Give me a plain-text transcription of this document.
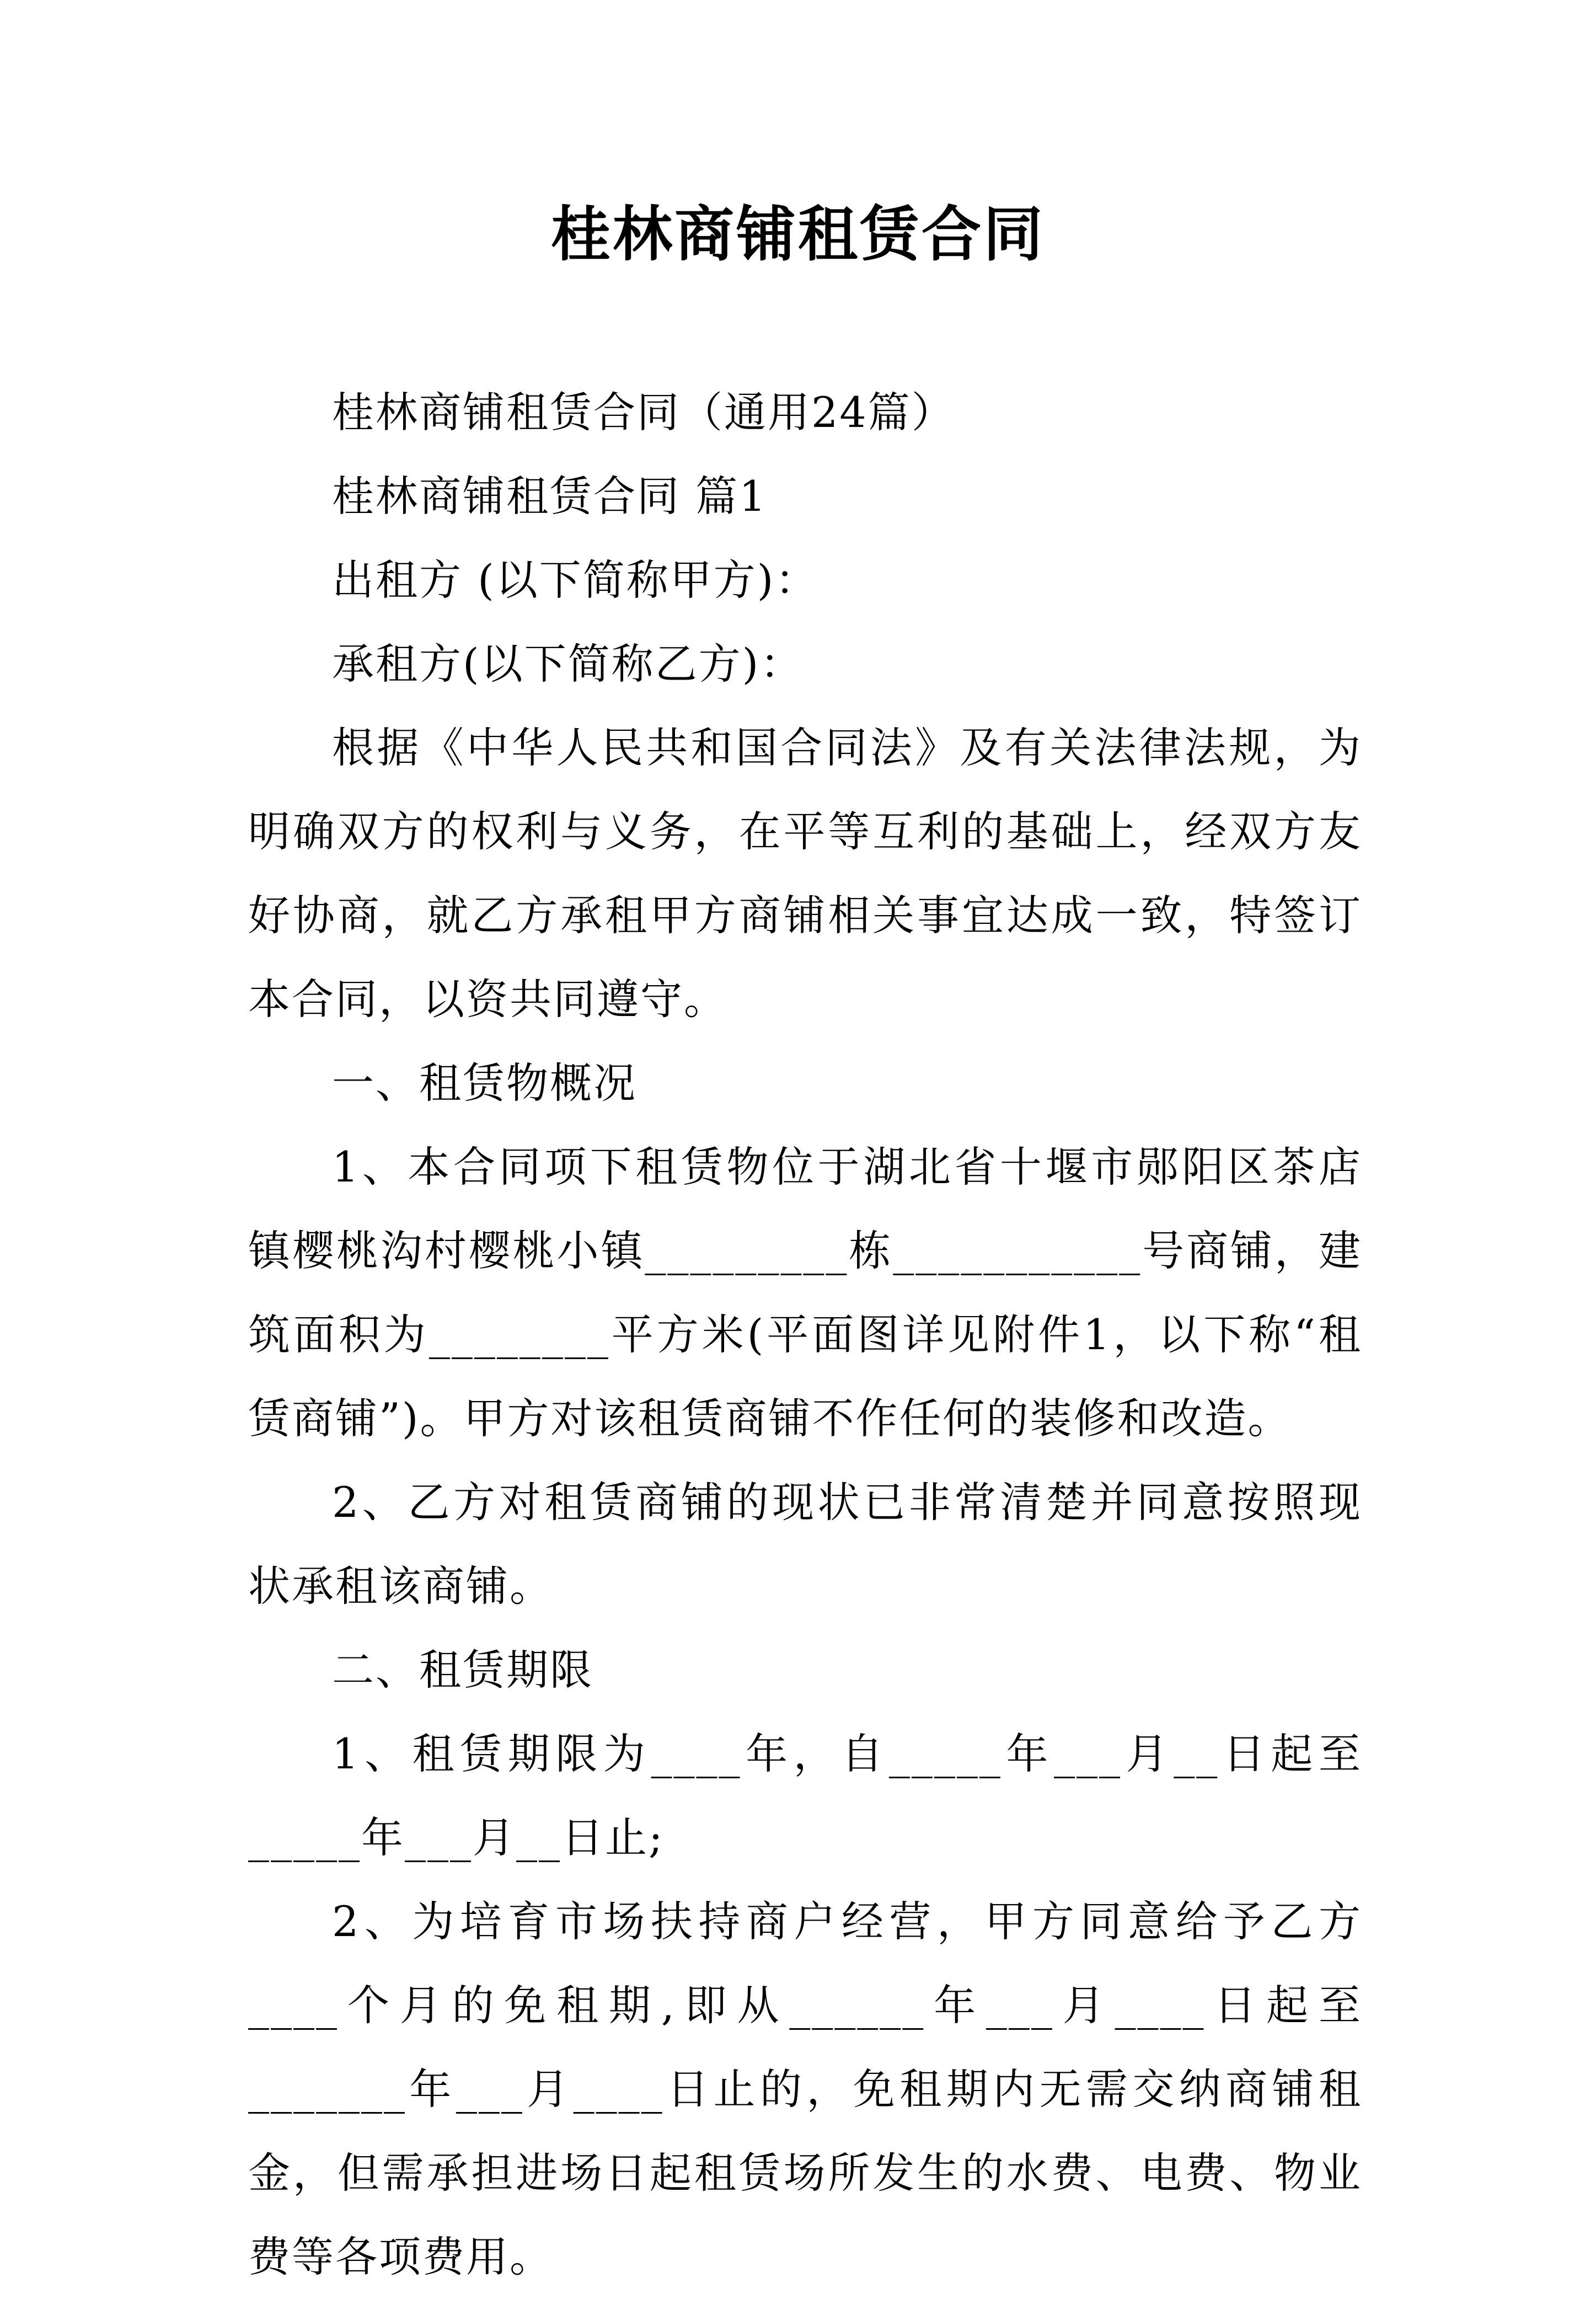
桂林商铺租赁合同

桂林商铺租赁合同（通用24篇）

桂林商铺租赁合同 篇1

出租方 (以下简称甲方)：

承租方(以下简称乙方)：

根据《中华人民共和国合同法》及有关法律法规，为明确双方的权利与义务，在平等互利的基础上，经双方友好协商，就乙方承租甲方商铺相关事宜达成一致，特签订本合同，以资共同遵守。

一、租赁物概况

1、本合同项下租赁物位于湖北省十堰市郧阳区茶店镇樱桃沟村樱桃小镇_________栋___________号商铺，建筑面积为________平方米(平面图详见附件1，以下称“租赁商铺”)。甲方对该租赁商铺不作任何的装修和改造。

2、乙方对租赁商铺的现状已非常清楚并同意按照现状承租该商铺。

二、租赁期限

1、租赁期限为____年，自_____年___月__日起至_____年___月__日止;

2、为培育市场扶持商户经营，甲方同意给予乙方____个月的免租期,即从______年___月____日起至_______年___月____日止的，免租期内无需交纳商铺租金，但需承担进场日起租赁场所发生的水费、电费、物业费等各项费用。
